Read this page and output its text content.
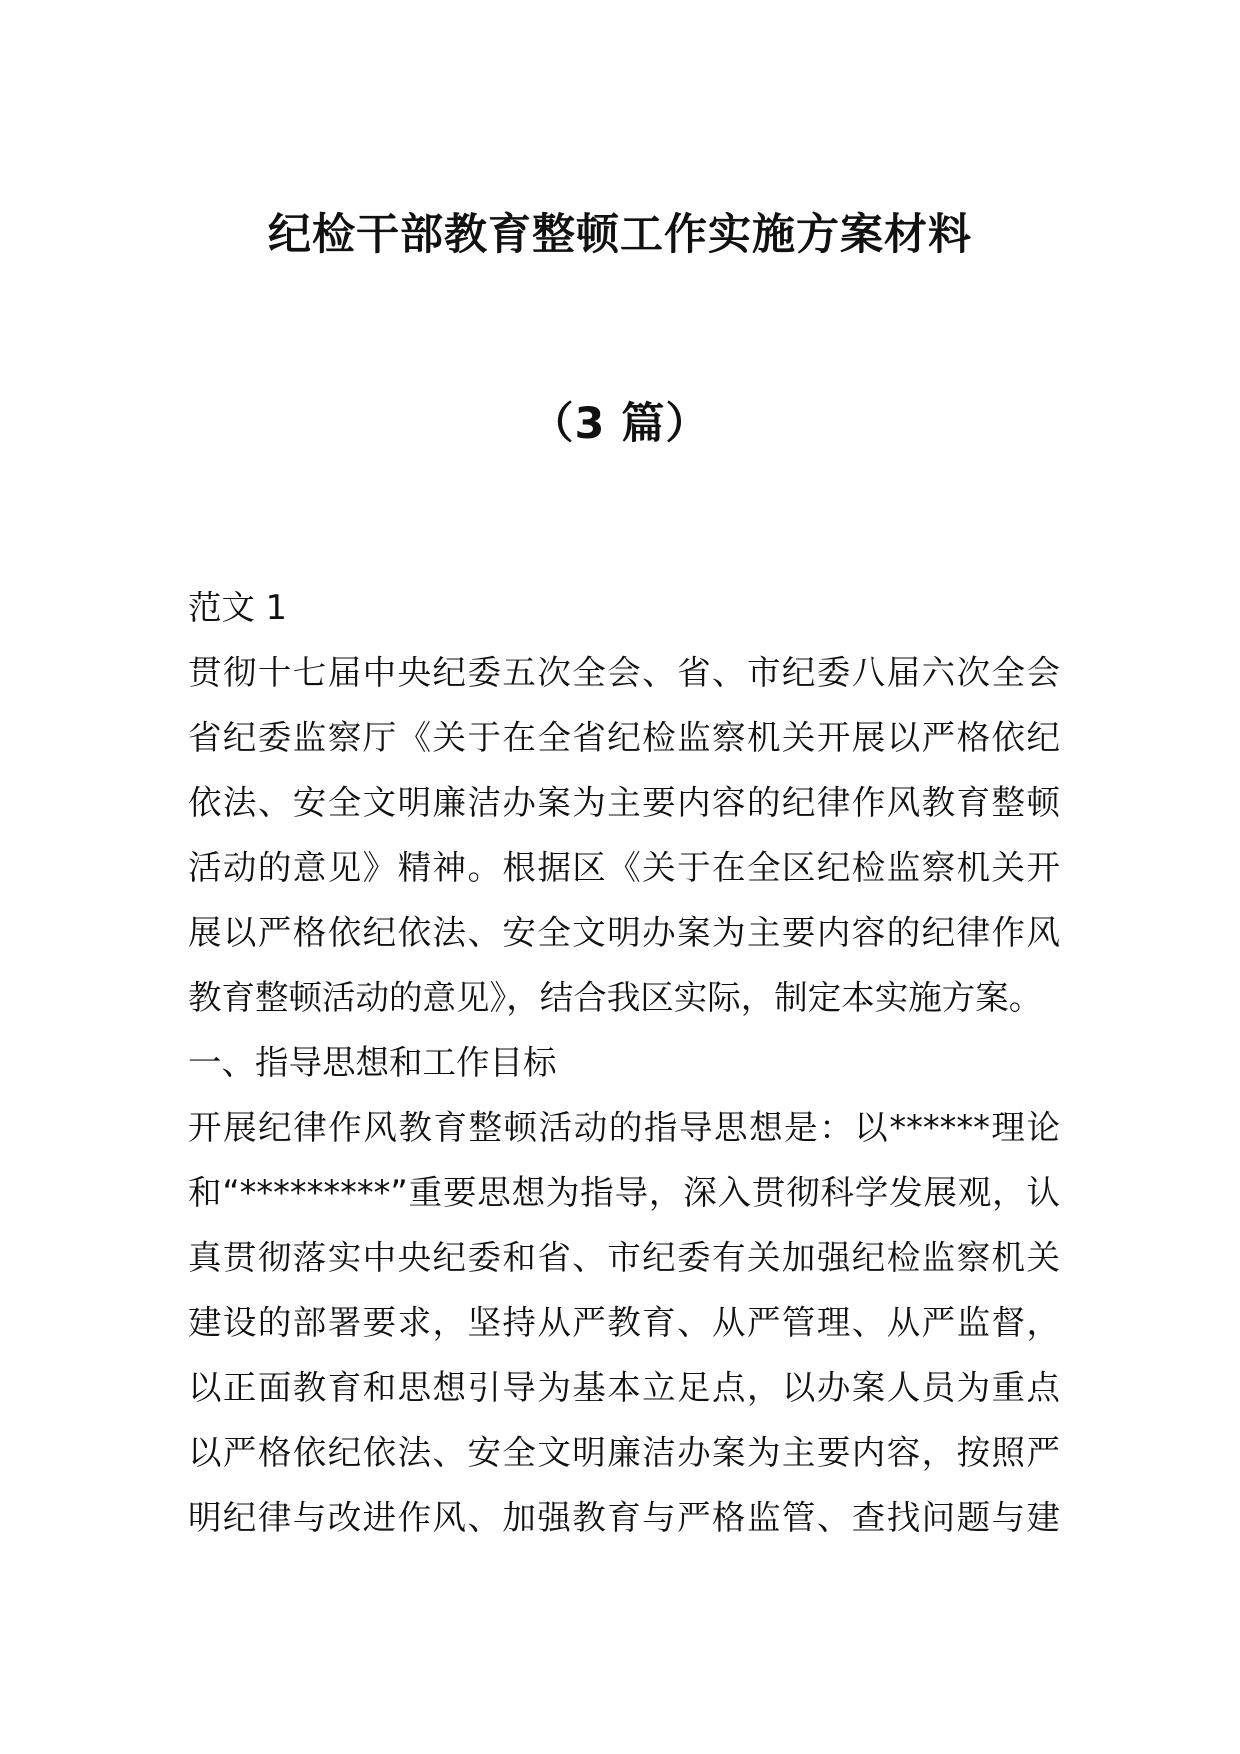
纪检干部教育整顿工作实施方案材料
（3 篇）
范文 1
贯彻十七届中央纪委五次全会、省、市纪委八届六次全会
省纪委监察厅《关于在全省纪检监察机关开展以严格依纪
依法、安全文明廉洁办案为主要内容的纪律作风教育整顿
活动的意见》精神。根据区《关于在全区纪检监察机关开
展以严格依纪依法、安全文明办案为主要内容的纪律作风
教育整顿活动的意见》，结合我区实际，制定本实施方案。
一、指导思想和工作目标
开展纪律作风教育整顿活动的指导思想是：以******理论
和“*********”重要思想为指导，深入贯彻科学发展观，认
真贯彻落实中央纪委和省、市纪委有关加强纪检监察机关
建设的部署要求，坚持从严教育、从严管理、从严监督，
以正面教育和思想引导为基本立足点，以办案人员为重点
以严格依纪依法、安全文明廉洁办案为主要内容，按照严
明纪律与改进作风、加强教育与严格监管、查找问题与建
